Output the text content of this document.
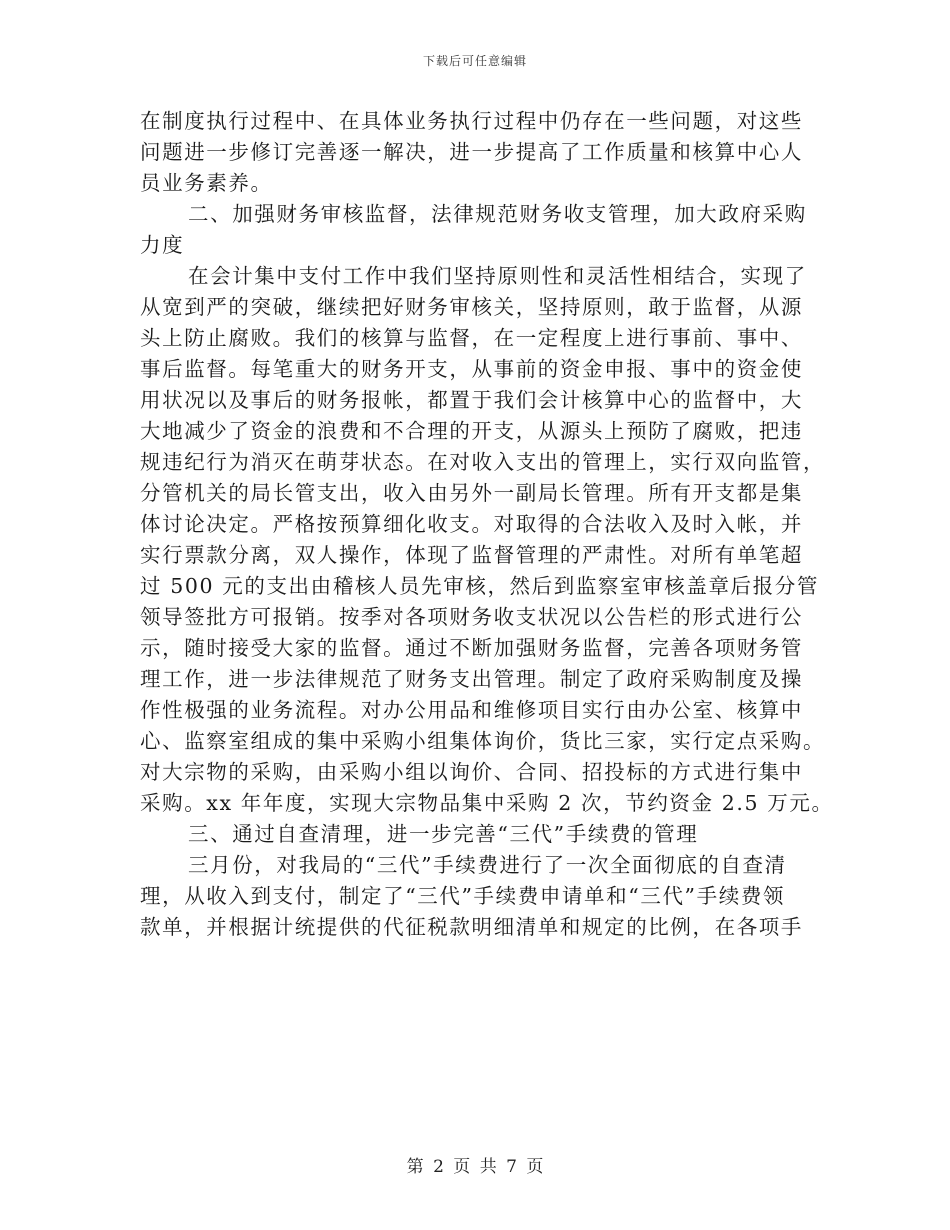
下载后可任意编辑
在制度执行过程中、在具体业务执行过程中仍存在一些问题，对这些
问题进一步修订完善逐一解决，进一步提高了工作质量和核算中心人
员业务素养。
二、加强财务审核监督，法律规范财务收支管理，加大政府采购
力度
在会计集中支付工作中我们坚持原则性和灵活性相结合，实现了
从宽到严的突破，继续把好财务审核关，坚持原则，敢于监督，从源
头上防止腐败。我们的核算与监督，在一定程度上进行事前、事中、
事后监督。每笔重大的财务开支，从事前的资金申报、事中的资金使
用状况以及事后的财务报帐，都置于我们会计核算中心的监督中，大
大地减少了资金的浪费和不合理的开支，从源头上预防了腐败，把违
规违纪行为消灭在萌芽状态。在对收入支出的管理上，实行双向监管，
分管机关的局长管支出，收入由另外一副局长管理。所有开支都是集
体讨论决定。严格按预算细化收支。对取得的合法收入及时入帐，并
实行票款分离，双人操作，体现了监督管理的严肃性。对所有单笔超
过 500 元的支出由稽核人员先审核，然后到监察室审核盖章后报分管
领导签批方可报销。按季对各项财务收支状况以公告栏的形式进行公
示，随时接受大家的监督。通过不断加强财务监督，完善各项财务管
理工作，进一步法律规范了财务支出管理。制定了政府采购制度及操
作性极强的业务流程。对办公用品和维修项目实行由办公室、核算中
心、监察室组成的集中采购小组集体询价，货比三家，实行定点采购。
对大宗物的采购，由采购小组以询价、合同、招投标的方式进行集中
采购。xx 年年度，实现大宗物品集中采购 2 次，节约资金 2.5 万元。
三、通过自查清理，进一步完善“三代”手续费的管理
三月份，对我局的“三代”手续费进行了一次全面彻底的自查清
理，从收入到支付，制定了“三代”手续费申请单和“三代”手续费领
款单，并根据计统提供的代征税款明细清单和规定的比例，在各项手
第 2 页 共 7 页
